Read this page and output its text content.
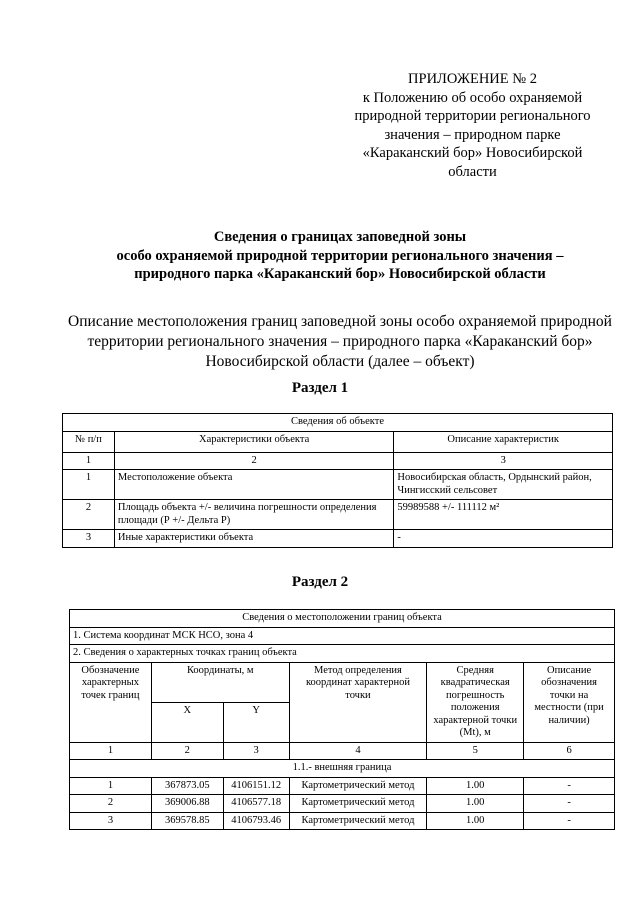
ПРИЛОЖЕНИЕ № 2
к Положению об особо охраняемой
природной территории регионального
значения – природном парке
«Караканский бор» Новосибирской
области
Сведения о границах заповедной зоны
особо охраняемой природной территории регионального значения –
природного парка «Караканский бор» Новосибирской области
Описание местоположения границ заповедной зоны особо охраняемой природной
территории регионального значения – природного парка «Караканский бор»
Новосибирской области (далее – объект)
Раздел 1
Сведения об объекте		
№ п/п	Характеристики объекта	Описание характеристик
1	2	3
1	Местоположение объекта	Новосибирская область, Ордынский район, Чингисский сельсовет
2	Площадь объекта +/- величина погрешности определения площади (Р +/- Дельта Р)	59989588 +/- 111112 м²
3	Иные характеристики объекта	-
Раздел 2
Сведения о местоположении границ объекта					
1. Система координат МСК НСО, зона 4					
2. Сведения о характерных точках границ объекта					
Обозначение характерных точек границ	Координаты, м		Метод определения координат характерной точки	Средняя квадратическая погрешность положения характерной точки (Mt), м	Описание обозначения точки на местности (при наличии)
	X	Y			
1	2	3	4	5	6
1.1.- внешняя граница					
1	367873.05	4106151.12	Картометрический метод	1.00	-
2	369006.88	4106577.18	Картометрический метод	1.00	-
3	369578.85	4106793.46	Картометрический метод	1.00	-
